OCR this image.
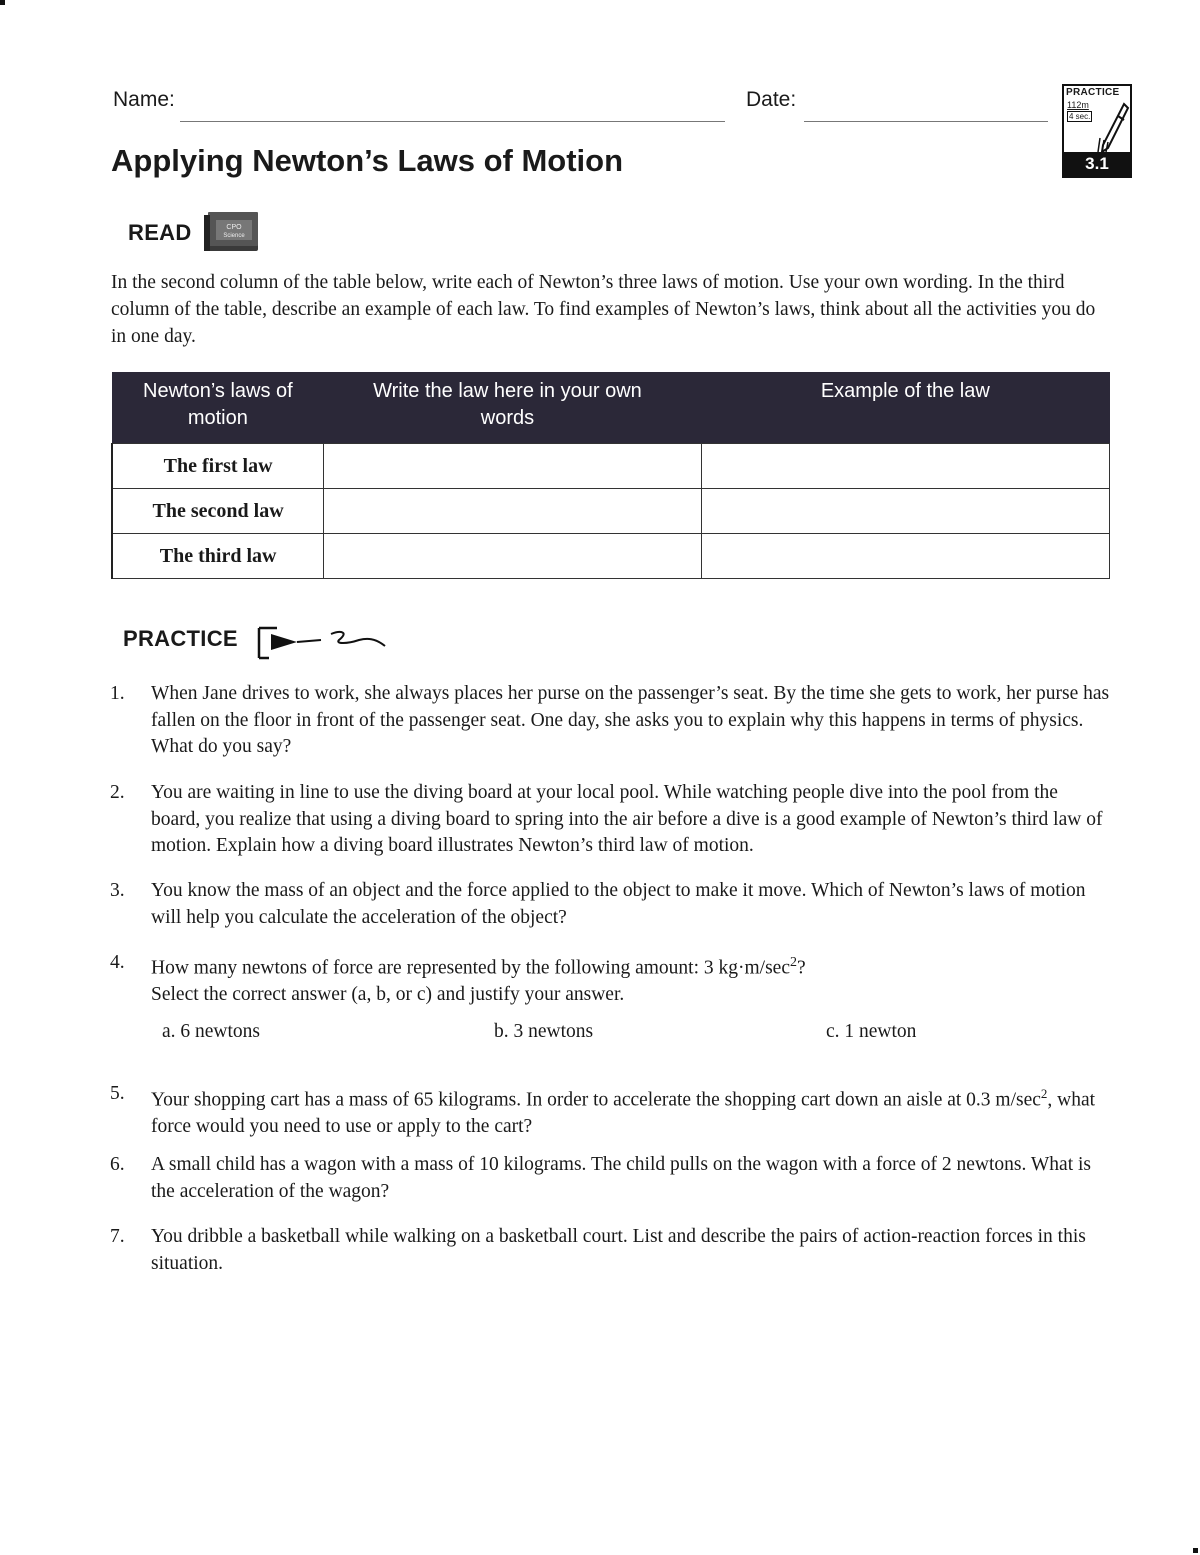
Name:	Date:	PRACTICE
112m
4 sec.
3.1
Applying Newton’s Laws of Motion
READ	CPO
Science
In the second column of the table below, write each of Newton’s three laws of motion. Use your own wording. In the third column of the table, describe an example of each law. To find examples of Newton’s laws, think about all the activities you do in one day.
Newton’s laws of motion	Write the law here in your own words	Example of the law
The first law		
The second law		
The third law		
PRACTICE
1.	When Jane drives to work, she always places her purse on the passenger’s seat. By the time she gets to work, her purse has fallen on the floor in front of the passenger seat. One day, she asks you to explain why this happens in terms of physics. What do you say?
2.	You are waiting in line to use the diving board at your local pool. While watching people dive into the pool from the board, you realize that using a diving board to spring into the air before a dive is a good example of Newton’s third law of motion. Explain how a diving board illustrates Newton’s third law of motion.
3.	You know the mass of an object and the force applied to the object to make it move. Which of Newton’s laws of motion will help you calculate the acceleration of the object?
4.	How many newtons of force are represented by the following amount: 3 $kg\cdot m/\sec^2$?
Select the correct answer (a, b, or c) and justify your answer.
a. 6 newtons	b. 3 newtons	c. 1 newton
5.	Your shopping cart has a mass of 65 kilograms. In order to accelerate the shopping cart down an aisle at 0.3 $m/\sec^2$, what force would you need to use or apply to the cart?
6.	A small child has a wagon with a mass of 10 kilograms. The child pulls on the wagon with a force of 2 newtons. What is the acceleration of the wagon?
7.	You dribble a basketball while walking on a basketball court. List and describe the pairs of action-reaction forces in this situation.
